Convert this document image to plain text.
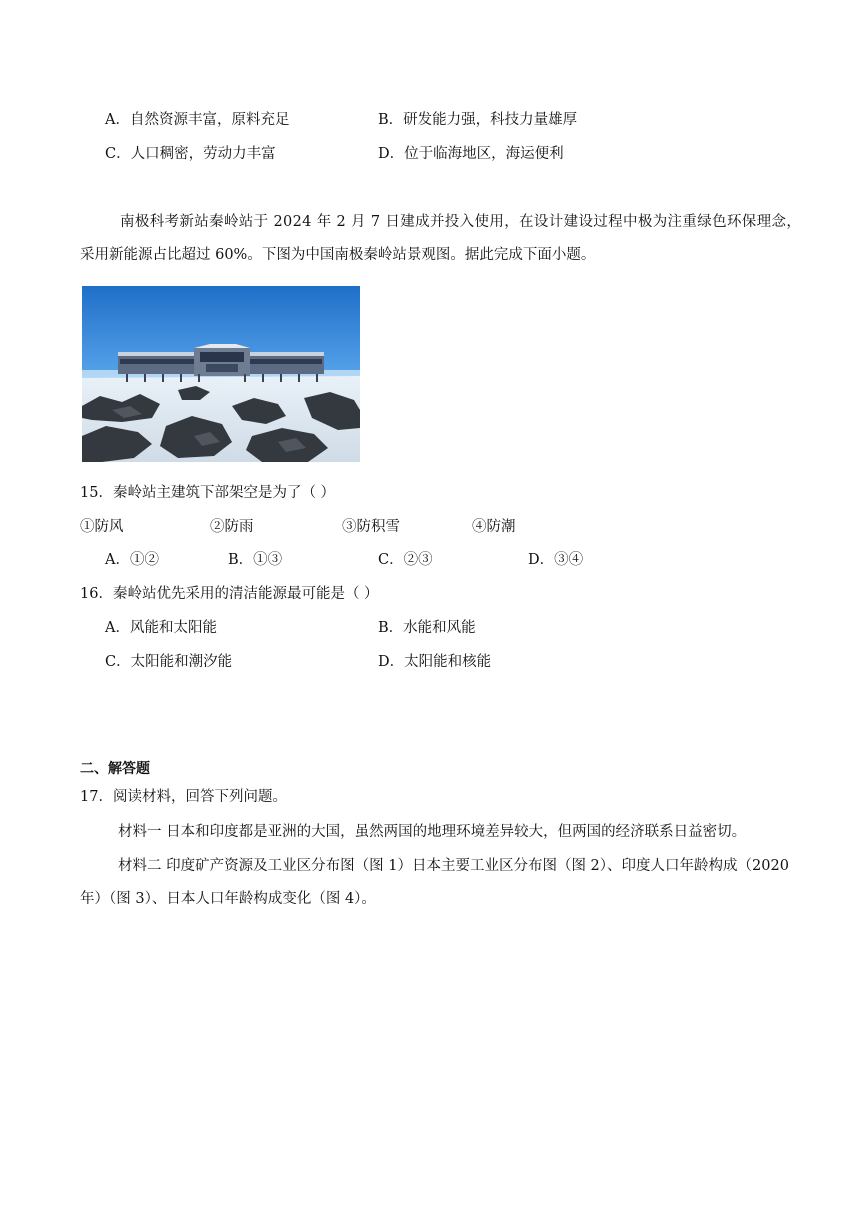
A．自然资源丰富，原料充足	B．研发能力强，科技力量雄厚
C．人口稠密，劳动力丰富	D．位于临海地区，海运便利
南极科考新站秦岭站于 2024 年 2 月 7 日建成并投入使用，在设计建设过程中极为注重绿色环保理念，
采用新能源占比超过 60%。下图为中国南极秦岭站景观图。据此完成下面小题。
15．秦岭站主建筑下部架空是为了（ ）
①防风	②防雨	③防积雪	④防潮
A．①②	B．①③	C．②③	D．③④
16．秦岭站优先采用的清洁能源最可能是（ ）
A．风能和太阳能	B．水能和风能
C．太阳能和潮汐能	D．太阳能和核能
二、解答题
17．阅读材料，回答下列问题。
材料一 日本和印度都是亚洲的大国，虽然两国的地理环境差异较大，但两国的经济联系日益密切。
材料二 印度矿产资源及工业区分布图（图 1）日本主要工业区分布图（图 2）、印度人口年龄构成（2020
年）（图 3）、日本人口年龄构成变化（图 4）。
